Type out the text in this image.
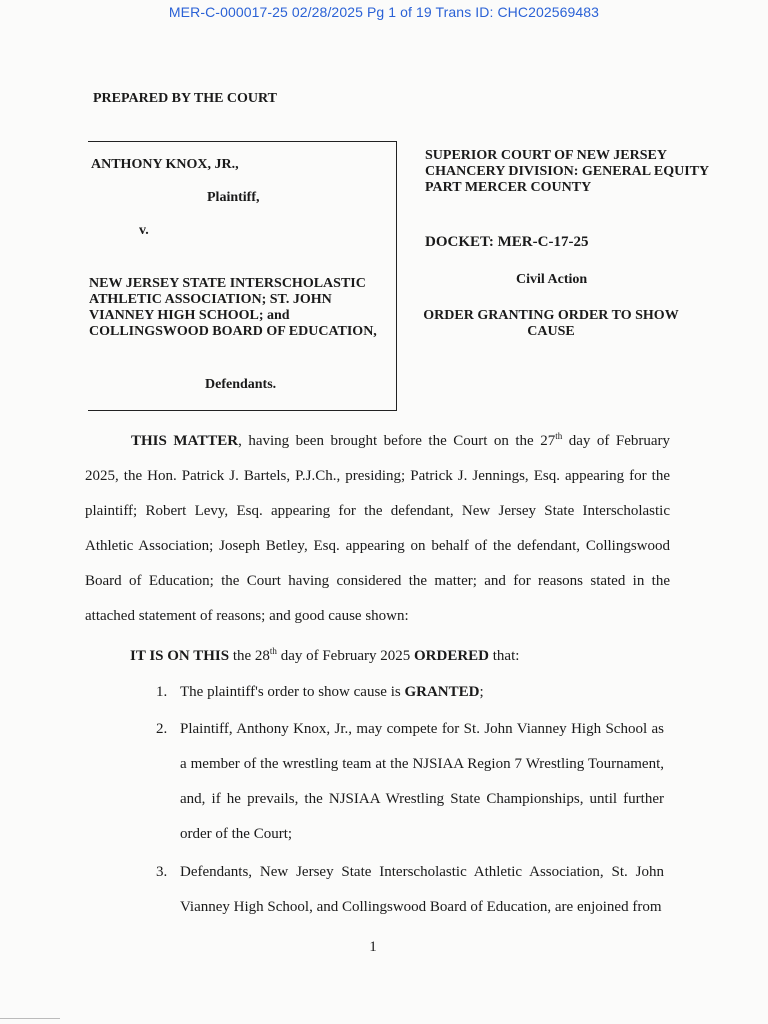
MER-C-000017-25 02/28/2025 Pg 1 of 19 Trans ID: CHC202569483
PREPARED BY THE COURT
ANTHONY KNOX, JR.,
Plaintiff,
v.
NEW JERSEY STATE INTERSCHOLASTIC ATHLETIC ASSOCIATION; ST. JOHN VIANNEY HIGH SCHOOL; and COLLINGSWOOD BOARD OF EDUCATION,
Defendants.
SUPERIOR COURT OF NEW JERSEY CHANCERY DIVISION: GENERAL EQUITY PART MERCER COUNTY
DOCKET: MER-C-17-25
Civil Action
ORDER GRANTING ORDER TO SHOW CAUSE
THIS MATTER, having been brought before the Court on the 27th day of February 2025, the Hon. Patrick J. Bartels, P.J.Ch., presiding; Patrick J. Jennings, Esq. appearing for the plaintiff; Robert Levy, Esq. appearing for the defendant, New Jersey State Interscholastic Athletic Association; Joseph Betley, Esq. appearing on behalf of the defendant, Collingswood Board of Education; the Court having considered the matter; and for reasons stated in the attached statement of reasons; and good cause shown:
IT IS ON THIS the 28th day of February 2025 ORDERED that:
1. The plaintiff's order to show cause is GRANTED;
2. Plaintiff, Anthony Knox, Jr., may compete for St. John Vianney High School as a member of the wrestling team at the NJSIAA Region 7 Wrestling Tournament, and, if he prevails, the NJSIAA Wrestling State Championships, until further order of the Court;
3. Defendants, New Jersey State Interscholastic Athletic Association, St. John Vianney High School, and Collingswood Board of Education, are enjoined from
1
